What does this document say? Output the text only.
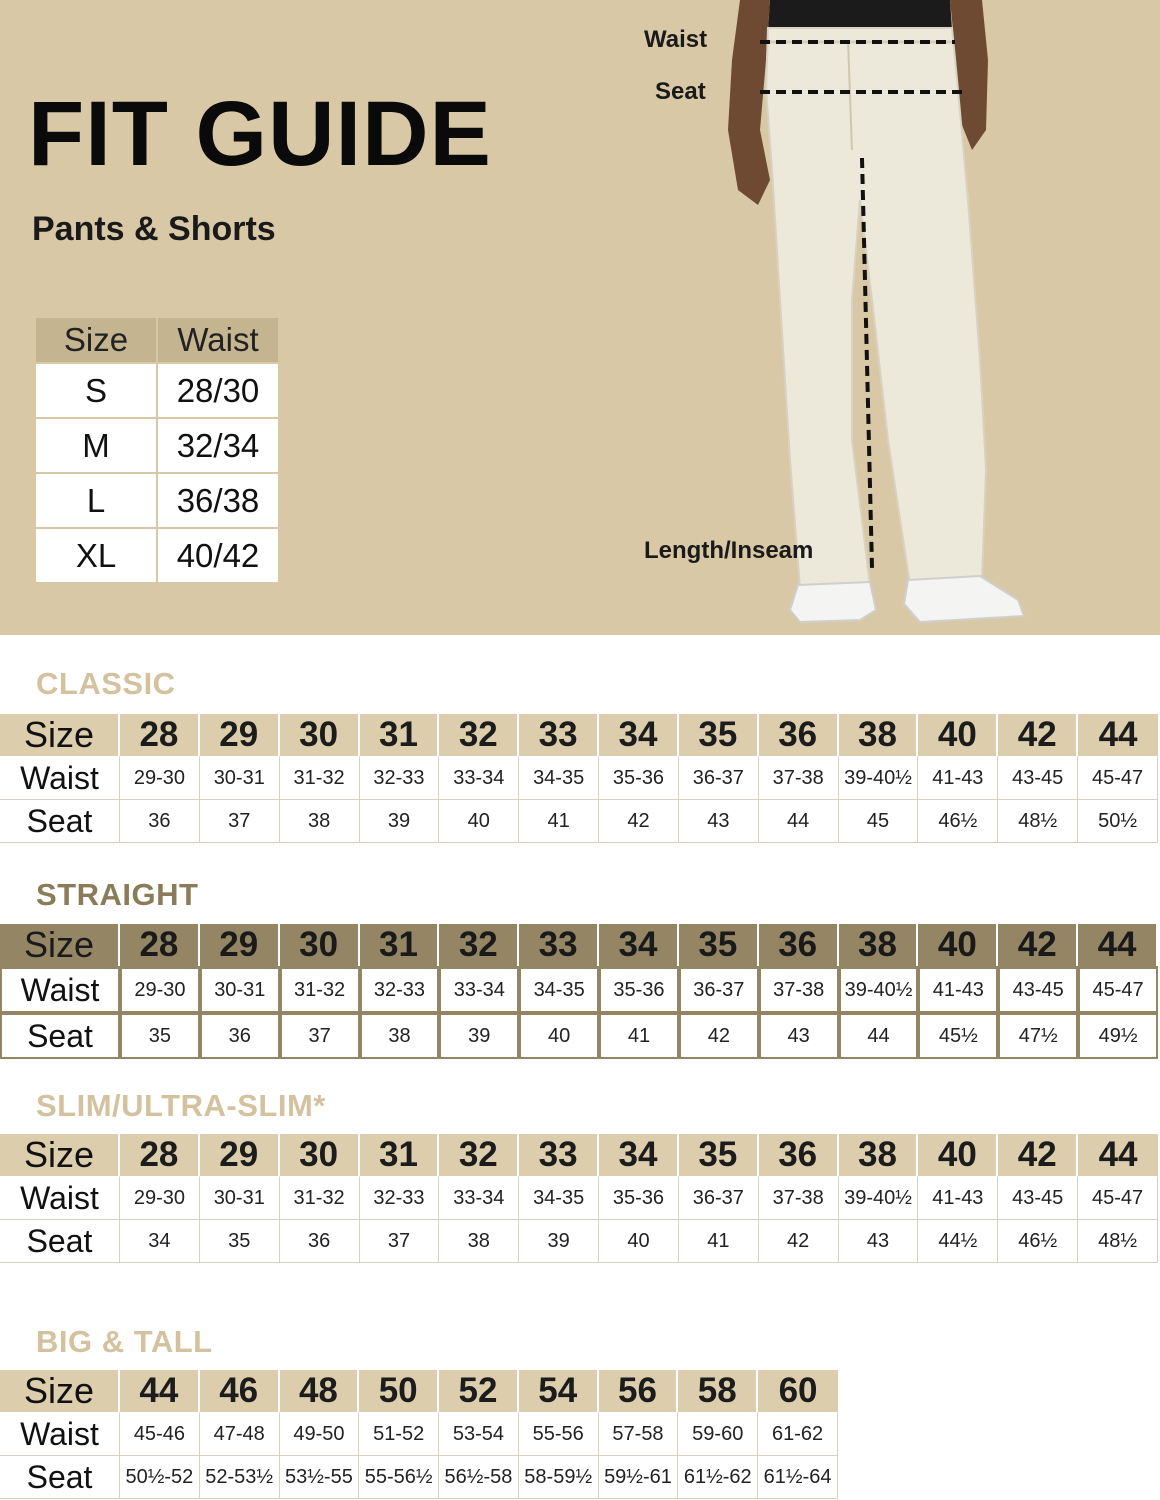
FIT GUIDE
Pants & Shorts
Size	Waist
S	28/30
M	32/34
L	36/38
XL	40/42
Waist
Seat
Length/Inseam
CLASSIC
Size	28	29	30	31	32	33	34	35	36	38	40	42	44
Waist	29-30	30-31	31-32	32-33	33-34	34-35	35-36	36-37	37-38	39-40½	41-43	43-45	45-47
Seat	36	37	38	39	40	41	42	43	44	45	46½	48½	50½
STRAIGHT
Size	28	29	30	31	32	33	34	35	36	38	40	42	44
Waist	29-30	30-31	31-32	32-33	33-34	34-35	35-36	36-37	37-38	39-40½	41-43	43-45	45-47
Seat	35	36	37	38	39	40	41	42	43	44	45½	47½	49½
SLIM/ULTRA-SLIM*
Size	28	29	30	31	32	33	34	35	36	38	40	42	44
Waist	29-30	30-31	31-32	32-33	33-34	34-35	35-36	36-37	37-38	39-40½	41-43	43-45	45-47
Seat	34	35	36	37	38	39	40	41	42	43	44½	46½	48½
BIG & TALL
Size	44	46	48	50	52	54	56	58	60
Waist	45-46	47-48	49-50	51-52	53-54	55-56	57-58	59-60	61-62
Seat	50½-52	52-53½	53½-55	55-56½	56½-58	58-59½	59½-61	61½-62	61½-64
